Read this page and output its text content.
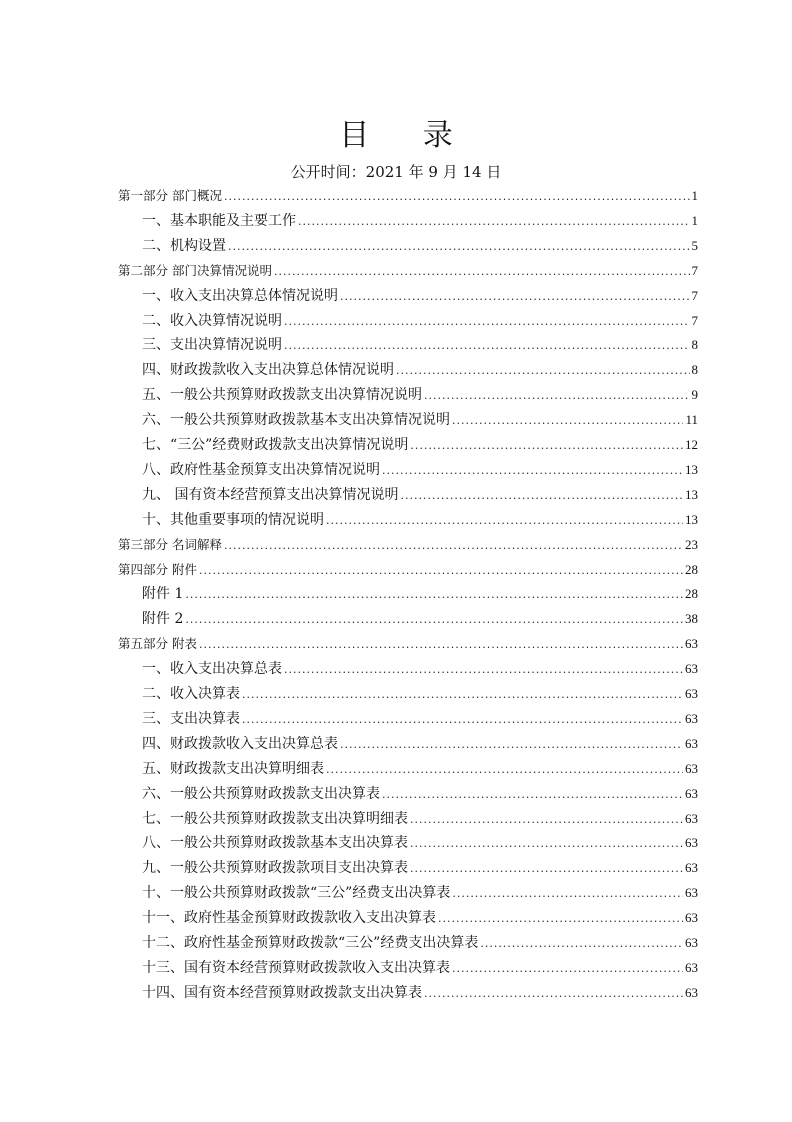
目 录
公开时间：2021 年 9 月 14 日
第一部分 部门概况 .....	1
一、基本职能及主要工作 .....	1
二、机构设置 .....	5
第二部分 部门决算情况说明 .....	7
一、收入支出决算总体情况说明 .....	7
二、收入决算情况说明 .....	7
三、支出决算情况说明 .....	8
四、财政拨款收入支出决算总体情况说明 .....	8
五、一般公共预算财政拨款支出决算情况说明 .....	9
六、一般公共预算财政拨款基本支出决算情况说明 .....	11
七、“三公”经费财政拨款支出决算情况说明 .....	12
八、政府性基金预算支出决算情况说明 .....	13
九、 国有资本经营预算支出决算情况说明 .....	13
十、其他重要事项的情况说明 .....	13
第三部分 名词解释 .....	23
第四部分 附件 .....	28
附件 1 .....	28
附件 2 .....	38
第五部分 附表 .....	63
一、收入支出决算总表 .....	63
二、收入决算表 .....	63
三、支出决算表 .....	63
四、财政拨款收入支出决算总表 .....	63
五、财政拨款支出决算明细表 .....	63
六、一般公共预算财政拨款支出决算表 .....	63
七、一般公共预算财政拨款支出决算明细表 .....	63
八、一般公共预算财政拨款基本支出决算表 .....	63
九、一般公共预算财政拨款项目支出决算表 .....	63
十、一般公共预算财政拨款“三公”经费支出决算表 .....	63
十一、政府性基金预算财政拨款收入支出决算表 .....	63
十二、政府性基金预算财政拨款“三公”经费支出决算表 .....	63
十三、国有资本经营预算财政拨款收入支出决算表 .....	63
十四、国有资本经营预算财政拨款支出决算表 .....	63
